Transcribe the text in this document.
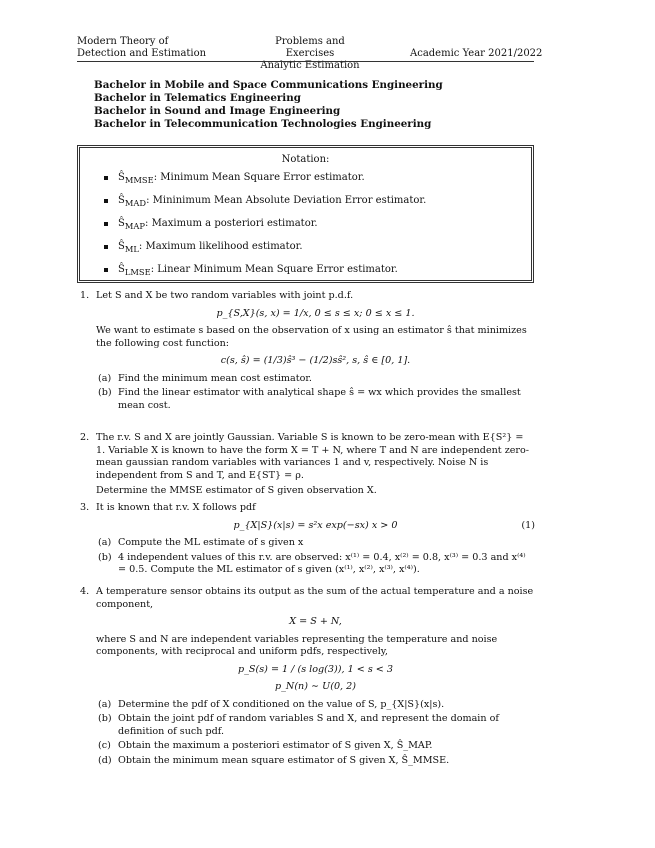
Modern Theory of
Detection and Estimation
Problems and Exercises
Analytic Estimation
Academic Year 2021/2022
Bachelor in Mobile and Space Communications Engineering
Bachelor in Telematics Engineering
Bachelor in Sound and Image Engineering
Bachelor in Telecommunication Technologies Engineering
Notation:
$Ŝ_{MMSE}$: Minimum Mean Square Error estimator.
$Ŝ_{MAD}$: Mininimum Mean Absolute Deviation Error estimator.
$Ŝ_{MAP}$: Maximum a posteriori estimator.
$Ŝ_{ML}$: Maximum likelihood estimator.
$Ŝ_{LMSE}$: Linear Minimum Mean Square Error estimator.
1. Let S and X be two random variables with joint p.d.f.

p_{S,X}(s, x) = 1/x, 0 ≤ s ≤ x; 0 ≤ x ≤ 1.

We want to estimate s based on the observation of x using an estimator ŝ that minimizes the following cost function:

c(s, ŝ) = (1/3)ŝ³ − (1/2)sŝ², s, ŝ ∈ [0, 1].
(a) Find the minimum mean cost estimator.
(b) Find the linear estimator with analytical shape ŝ = wx which provides the smallest mean cost.
2. The r.v. S and X are jointly Gaussian. Variable S is known to be zero-mean with E{S²} = 1. Variable X is known to have the form X = T + N, where T and N are independent zero-mean gaussian random variables with variances 1 and v, respectively. Noise N is independent from S and T, and E{ST} = ρ.

Determine the MMSE estimator of S given observation X.

3. It is known that r.v. X follows pdf

p_{X|S}(x|s) = s²x exp(−sx) x > 0	(1)
(a) Compute the ML estimate of s given x
(b) 4 independent values of this r.v. are observed: x⁽¹⁾ = 0.4, x⁽²⁾ = 0.8, x⁽³⁾ = 0.3 and x⁽⁴⁾ = 0.5. Compute the ML estimator of s given (x⁽¹⁾, x⁽²⁾, x⁽³⁾, x⁽⁴⁾).
4. A temperature sensor obtains its output as the sum of the actual temperature and a noise component,

X = S + N,

where S and N are independent variables representing the temperature and noise components, with reciprocal and uniform pdfs, respectively,

p_S(s) = 1 / (s log(3)), 1 < s < 3
p_N(n) ∼ U(0, 2)
(a) Determine the pdf of X conditioned on the value of S, p_{X|S}(x|s).
(b) Obtain the joint pdf of random variables S and X, and represent the domain of definition of such pdf.
(c) Obtain the maximum a posteriori estimator of S given X, Ŝ_MAP.
(d) Obtain the minimum mean square estimator of S given X, Ŝ_MMSE.
